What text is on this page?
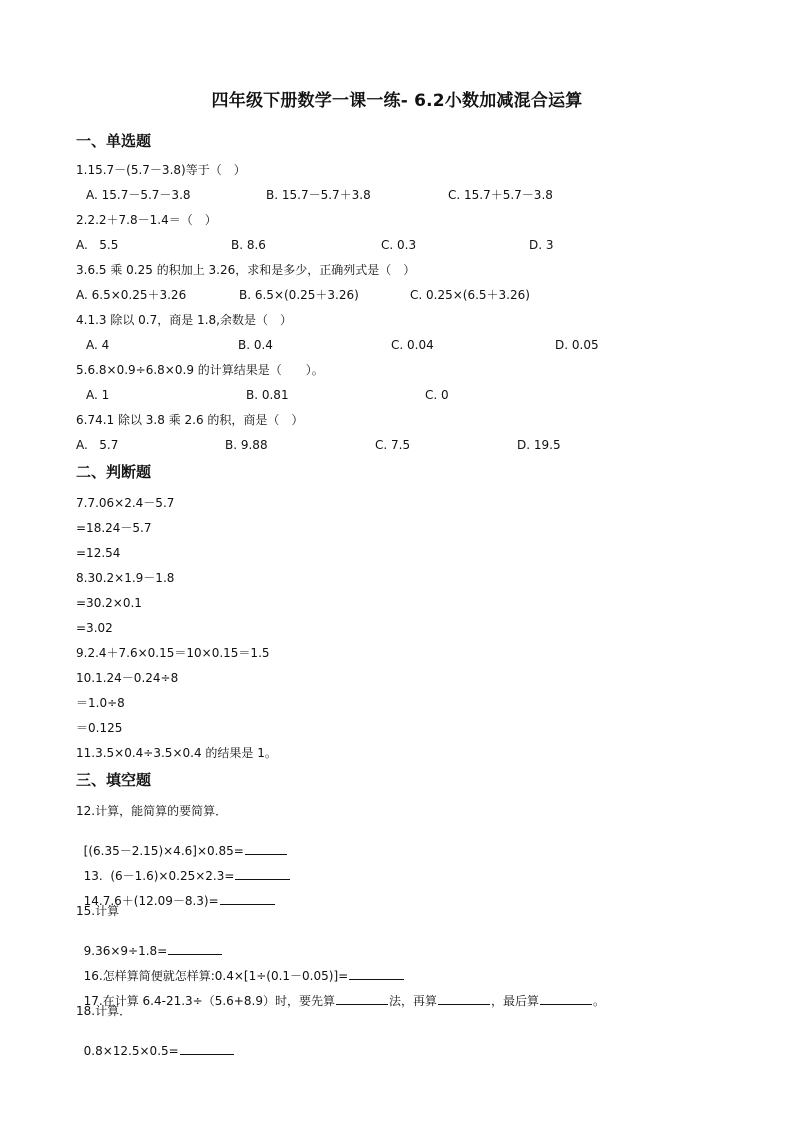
四年级下册数学一课一练- 6.2小数加减混合运算
一、单选题
1.15.7－(5.7－3.8)等于（　）
A. 15.7－5.7－3.8	B. 15.7－5.7＋3.8	C. 15.7＋5.7－3.8
2.2.2＋7.8－1.4＝（　）
A.   5.5	B. 8.6	C. 0.3	D. 3
3.6.5 乘 0.25 的积加上 3.26，求和是多少，正确列式是（　）
A. 6.5×0.25＋3.26	B. 6.5×(0.25＋3.26)	C. 0.25×(6.5＋3.26)
4.1.3 除以 0.7，商是 1.8,余数是（　）
A. 4	B. 0.4	C. 0.04	D. 0.05
5.6.8×0.9÷6.8×0.9 的计算结果是（　　）。
A. 1	B. 0.81	C. 0
6.74.1 除以 3.8 乘 2.6 的积，商是（　）
A.   5.7	B. 9.88	C. 7.5	D. 19.5
二、判断题
7.7.06×2.4－5.7
=18.24－5.7
=12.54
8.30.2×1.9－1.8
=30.2×0.1
=3.02
9.2.4＋7.6×0.15＝10×0.15＝1.5
10.1.24－0.24÷8
＝1.0÷8
＝0.125
11.3.5×0.4÷3.5×0.4 的结果是 1。
三、填空题
12.计算，能简算的要简算．

[(6.35－2.15)×4.6]×0.85=

13.  (6－1.6)×0.25×2.3=

14.7.6＋(12.09－8.3)=

15.计算

9.36×9÷1.8=

16.怎样算简便就怎样算:0.4×[1÷(0.1－0.05)]=

17.在计算 6.4-21.3÷（5.6+8.9）时，要先算	法，再算	，最后算	。

18.计算．

0.8×12.5×0.5=
